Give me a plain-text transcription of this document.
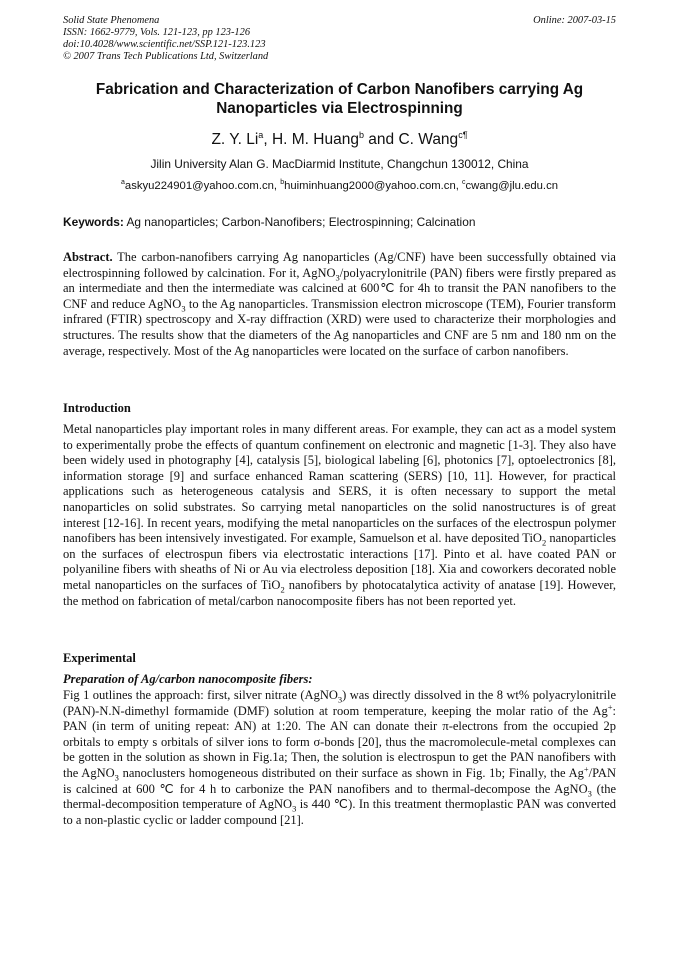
Solid State Phenomena
ISSN: 1662-9779, Vols. 121-123, pp 123-126
doi:10.4028/www.scientific.net/SSP.121-123.123
© 2007 Trans Tech Publications Ltd, Switzerland
Online: 2007-03-15
Fabrication and Characterization of Carbon Nanofibers carrying Ag Nanoparticles via Electrospinning
Z. Y. Li$^a$, H. M. Huang$^b$ and C. Wang$^{c\P}$
Jilin University Alan G. MacDiarmid Institute, Changchun 130012, China
$^a$askyu224901@yahoo.com.cn, $^b$huiminhuang2000@yahoo.com.cn, $^c$cwang@jlu.edu.cn
Keywords: Ag nanoparticles; Carbon-Nanofibers; Electrospinning; Calcination
Abstract. The carbon-nanofibers carrying Ag nanoparticles (Ag/CNF) have been successfully obtained via electrospinning followed by calcination. For it, AgNO$_3$/polyacrylonitrile (PAN) fibers were firstly prepared as an intermediate and then the intermediate was calcined at 600℃ for 4h to transit the PAN nanofibers to the CNF and reduce AgNO$_3$ to the Ag nanoparticles. Transmission electron microscope (TEM), Fourier transform infrared (FTIR) spectroscopy and X-ray diffraction (XRD) were used to characterize their morphologies and structures. The results show that the diameters of the Ag nanoparticles and CNF are 5 nm and 180 nm on the average, respectively. Most of the Ag nanoparticles were located on the surface of carbon nanofibers.
Introduction
Metal nanoparticles play important roles in many different areas. For example, they can act as a model system to experimentally probe the effects of quantum confinement on electronic and magnetic [1-3]. They also have been widely used in photography [4], catalysis [5], biological labeling [6], photonics [7], optoelectronics [8], information storage [9] and surface enhanced Raman scattering (SERS) [10, 11]. However, for practical applications such as heterogeneous catalysis and SERS, it is often necessary to support the metal nanoparticles on solid substrates. So carrying metal nanoparticles on the solid nanostructures is of great interest [12-16]. In recent years, modifying the metal nanoparticles on the surfaces of the electrospun polymer nanofibers has been intensively investigated. For example, Samuelson et al. have deposited TiO$_2$ nanoparticles on the surfaces of electrospun fibers via electrostatic interactions [17]. Pinto et al. have coated PAN or polyaniline fibers with sheaths of Ni or Au via electroless deposition [18]. Xia and coworkers decorated noble metal nanoparticles on the surfaces of TiO$_2$ nanofibers by photocatalytica activity of anatase [19]. However, the method on fabrication of metal/carbon nanocomposite fibers has not been reported yet.
Experimental
Preparation of Ag/carbon nanocomposite fibers:
Fig 1 outlines the approach: first, silver nitrate (AgNO$_3$) was directly dissolved in the 8 wt% polyacrylonitrile (PAN)-N.N-dimethyl formamide (DMF) solution at room temperature, keeping the molar ratio of the Ag+: PAN (in term of uniting repeat: AN) at 1:20. The AN can donate their π-electrons from the occupied 2p orbitals to empty s orbitals of silver ions to form σ-bonds [20], thus the macromolecule-metal complexes can be gotten in the solution as shown in Fig.1a; Then, the solution is electrospun to get the PAN nanofibers with the AgNO$_3$ nanoclusters homogeneous distributed on their surface as shown in Fig. 1b; Finally, the Ag+/PAN is calcined at 600 ℃ for 4 h to carbonize the PAN nanofibers and to thermal-decompose the AgNO$_3$ (the thermal-decomposition temperature of AgNO$_3$ is 440 ℃). In this treatment thermoplastic PAN was converted to a non-plastic cyclic or ladder compound [21].
